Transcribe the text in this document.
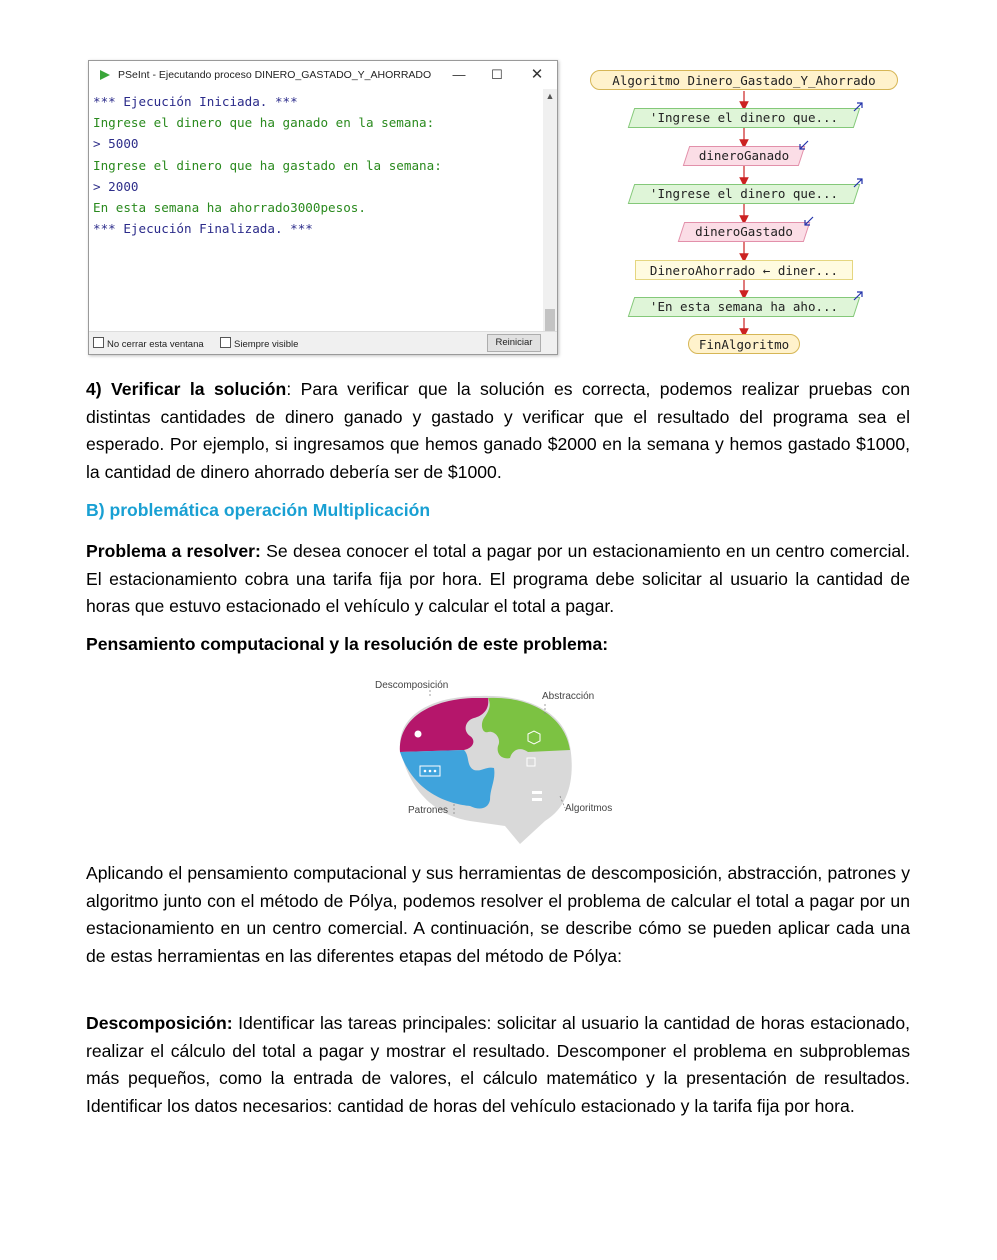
PSeInt - Ejecutando proceso DINERO_GASTADO_Y_AHORRADO	—	☐	✕
*** Ejecución Iniciada. ***
Ingrese el dinero que ha ganado en la semana:
> 5000
Ingrese el dinero que ha gastado en la semana:
> 2000
En esta semana ha ahorrado3000pesos.
*** Ejecución Finalizada. ***
▲
No cerrar esta ventana	Siempre visible	Reiniciar
Algoritmo Dinero_Gastado_Y_Ahorrado
'Ingrese el dinero que...
dineroGanado
'Ingrese el dinero que...
dineroGastado
DineroAhorrado ← diner...
'En esta semana ha aho...
FinAlgoritmo
4) Verificar la solución: Para verificar que la solución es correcta, podemos realizar pruebas con distintas cantidades de dinero ganado y gastado y verificar que el resultado del programa sea el esperado. Por ejemplo, si ingresamos que hemos ganado $2000 en la semana y hemos gastado $1000, la cantidad de dinero ahorrado debería ser de $1000.
B) problemática operación Multiplicación
Problema a resolver: Se desea conocer el total a pagar por un estacionamiento en un centro comercial. El estacionamiento cobra una tarifa fija por hora. El programa debe solicitar al usuario la cantidad de horas que estuvo estacionado el vehículo y calcular el total a pagar.
Pensamiento computacional y la resolución de este problema:
Descomposición
Abstracción
Patrones	Algoritmos
Aplicando el pensamiento computacional y sus herramientas de descomposición, abstracción, patrones y algoritmo junto con el método de Pólya, podemos resolver el problema de calcular el total a pagar por un estacionamiento en un centro comercial. A continuación, se describe cómo se pueden aplicar cada una de estas herramientas en las diferentes etapas del método de Pólya:
Descomposición: Identificar las tareas principales: solicitar al usuario la cantidad de horas estacionado, realizar el cálculo del total a pagar y mostrar el resultado. Descomponer el problema en subproblemas más pequeños, como la entrada de valores, el cálculo matemático y la presentación de resultados. Identificar los datos necesarios: cantidad de horas del vehículo estacionado y la tarifa fija por hora.
